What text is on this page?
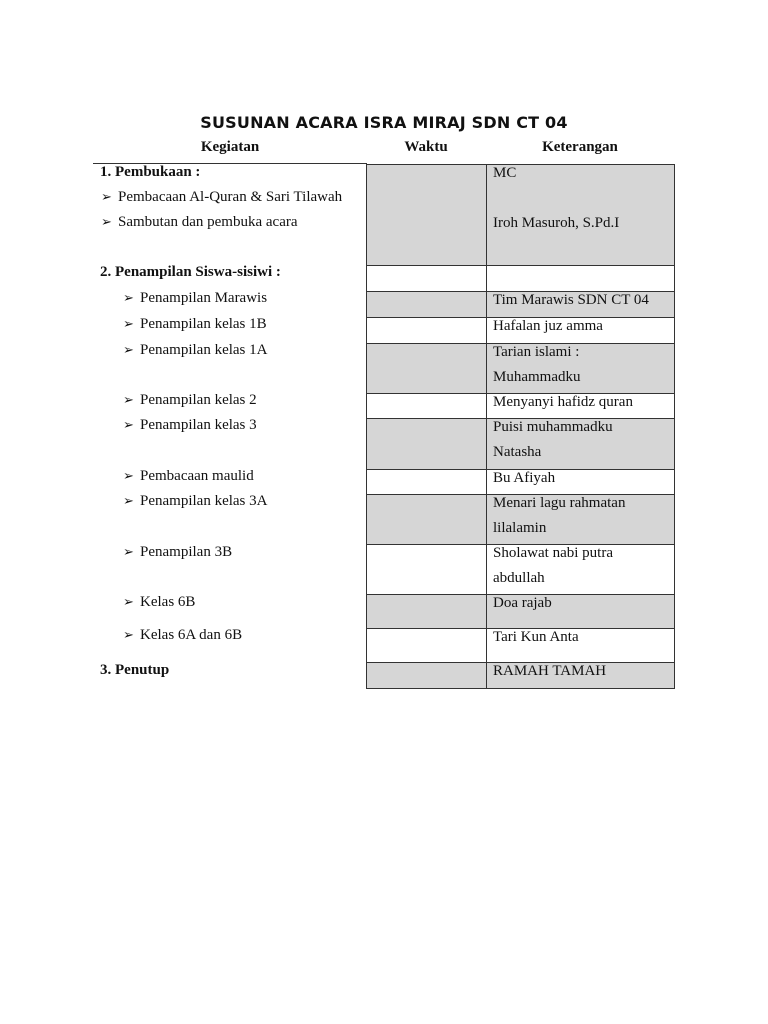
SUSUNAN ACARA ISRA MIRAJ SDN CT 04
Kegiatan	Waktu	Keterangan
MC

Iroh Masuroh, S.Pd.I
1. Pembukaan :
➢ Pembacaan Al-Quran & Sari Tilawah
➢ Sambutan dan pembuka acara
2. Penampilan Siswa-sisiwi :
Tim Marawis SDN CT 04
➢ Penampilan Marawis
Hafalan juz amma
➢ Penampilan kelas 1B
Tarian islami :
Muhammadku
➢ Penampilan kelas 1A
Menyanyi hafidz quran
➢ Penampilan kelas 2
Puisi muhammadku
Natasha
➢ Penampilan kelas 3
Bu Afiyah
➢ Pembacaan maulid
Menari lagu rahmatan
lilalamin
➢ Penampilan kelas 3A
Sholawat nabi putra
abdullah
➢ Penampilan 3B
Doa rajab
➢ Kelas 6B
Tari Kun Anta
➢ Kelas 6A dan 6B
RAMAH TAMAH
3. Penutup
